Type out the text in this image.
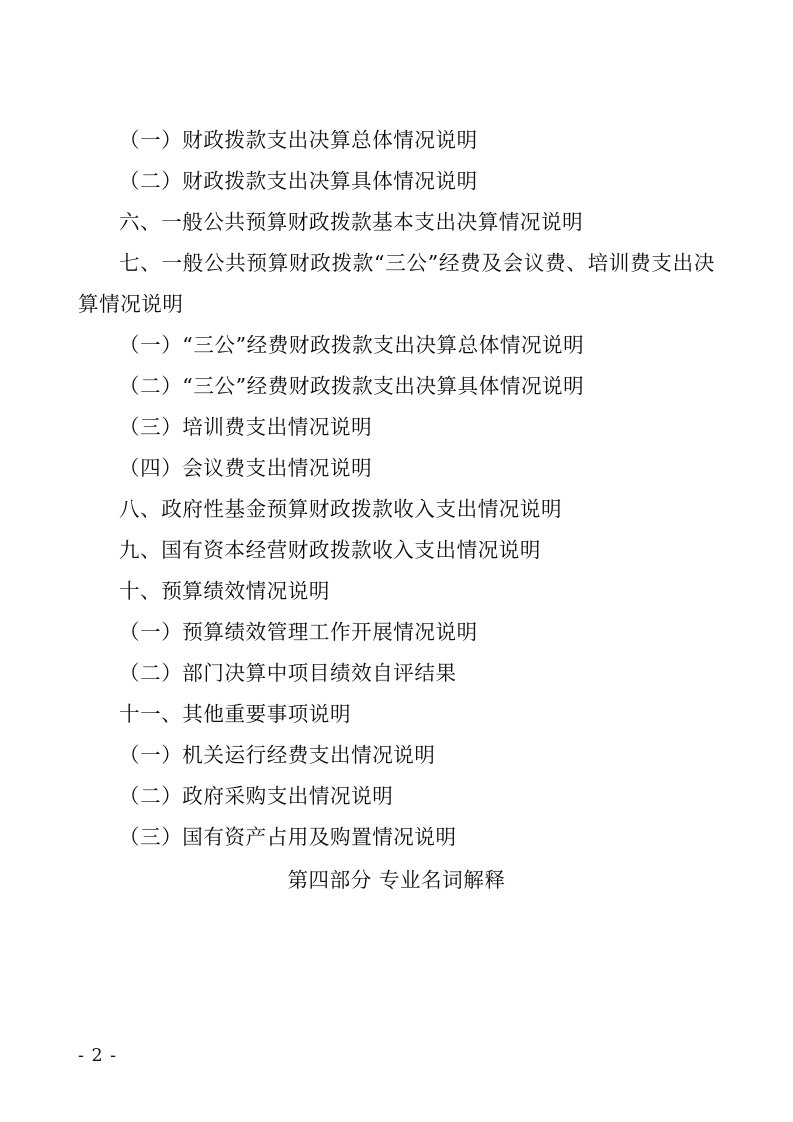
（一）财政拨款支出决算总体情况说明
（二）财政拨款支出决算具体情况说明
六、一般公共预算财政拨款基本支出决算情况说明
七、一般公共预算财政拨款“三公”经费及会议费、培训费支出决算情况说明
（一）“三公”经费财政拨款支出决算总体情况说明
（二）“三公”经费财政拨款支出决算具体情况说明
（三）培训费支出情况说明
（四）会议费支出情况说明
八、政府性基金预算财政拨款收入支出情况说明
九、国有资本经营财政拨款收入支出情况说明
十、预算绩效情况说明
（一）预算绩效管理工作开展情况说明
（二）部门决算中项目绩效自评结果
十一、其他重要事项说明
（一）机关运行经费支出情况说明
（二）政府采购支出情况说明
（三）国有资产占用及购置情况说明
第四部分 专业名词解释
- 2 -
